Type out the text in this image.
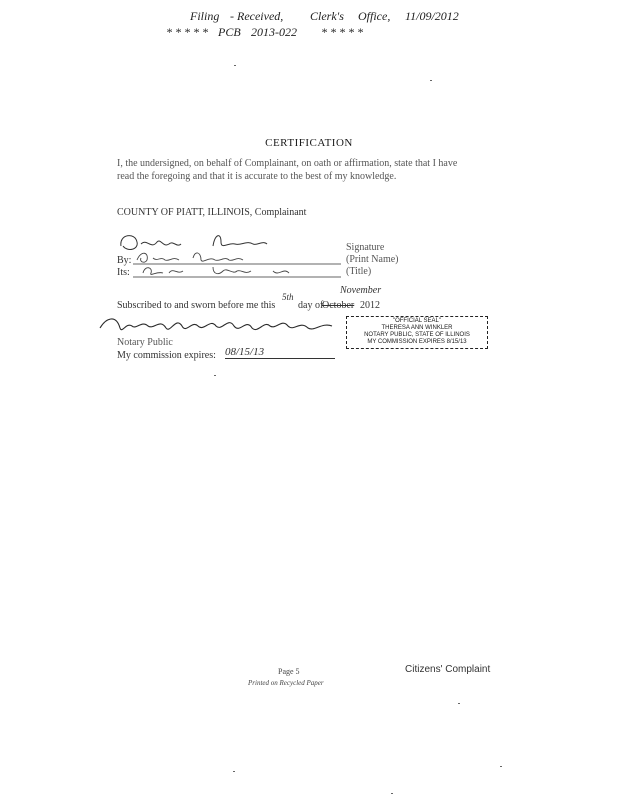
Filing - Received, Clerk's Office, 11/09/2012
* * * * * PCB 2013-022 * * * * *
CERTIFICATION
I, the undersigned, on behalf of Complainant, on oath or affirmation, state that I have
read the foregoing and that it is accurate to the best of my knowledge.
COUNTY OF PIATT, ILLINOIS, Complainant
Signature
By:	(Print Name)
Its:	(Title)
Subscribed to and sworn before me this
5th
day of
October
November
2012
"OFFICIAL SEAL"
THERESA ANN WINKLER
NOTARY PUBLIC, STATE OF ILLINOIS
MY COMMISSION EXPIRES 8/15/13
Notary Public
My commission expires: 08/15/13
Page 5
Printed on Recycled Paper
Citizens' Complaint
